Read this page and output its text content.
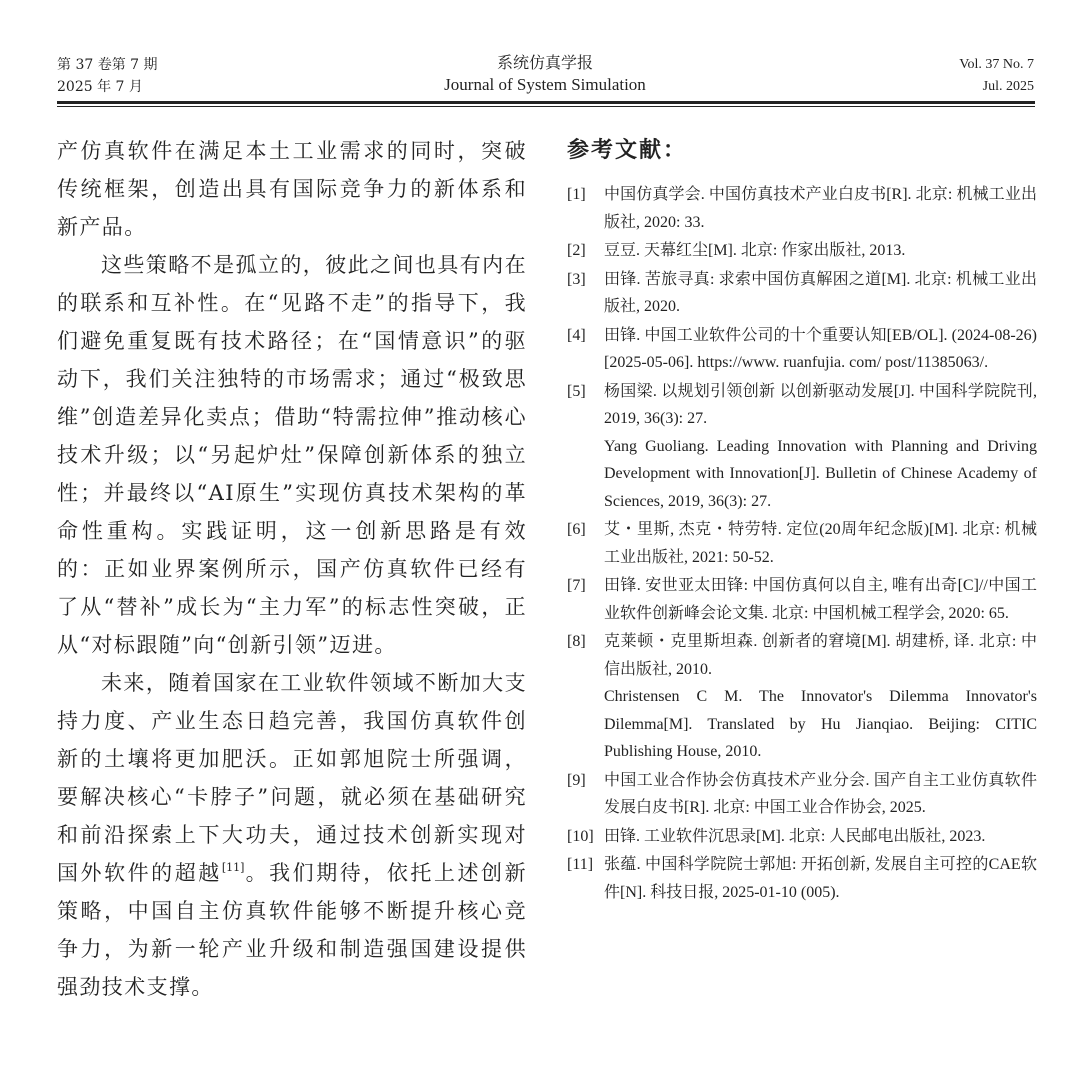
第 37 卷第 7 期
2025 年 7 月
系统仿真学报
Journal of System Simulation
Vol. 37 No. 7
Jul. 2025

产仿真软件在满足本土工业需求的同时，突破传统框架，创造出具有国际竞争力的新体系和新产品。

这些策略不是孤立的，彼此之间也具有内在的联系和互补性。在“见路不走”的指导下，我们避免重复既有技术路径；在“国情意识”的驱动下，我们关注独特的市场需求；通过“极致思维”创造差异化卖点；借助“特需拉伸”推动核心技术升级；以“另起炉灶”保障创新体系的独立性；并最终以“AI原生”实现仿真技术架构的革命性重构。实践证明，这一创新思路是有效的：正如业界案例所示，国产仿真软件已经有了从“替补”成长为“主力军”的标志性突破，正从“对标跟随”向“创新引领”迈进。

未来，随着国家在工业软件领域不断加大支持力度、产业生态日趋完善，我国仿真软件创新的土壤将更加肥沃。正如郭旭院士所强调，要解决核心“卡脖子”问题，就必须在基础研究和前沿探索上下大功夫，通过技术创新实现对国外软件的超越[11]。我们期待，依托上述创新策略，中国自主仿真软件能够不断提升核心竞争力，为新一轮产业升级和制造强国建设提供强劲技术支撑。

参考文献：
[1] 中国仿真学会. 中国仿真技术产业白皮书[R]. 北京: 机械工业出版社, 2020: 33.
[2] 豆豆. 天幕红尘[M]. 北京: 作家出版社, 2013.
[3] 田锋. 苦旅寻真: 求索中国仿真解困之道[M]. 北京: 机械工业出版社, 2020.
[4] 田锋. 中国工业软件公司的十个重要认知[EB/OL]. (2024-08-26) [2025-05-06]. https://www. ruanfujia. com/ post/11385063/.
[5] 杨国梁. 以规划引领创新 以创新驱动发展[J]. 中国科学院院刊, 2019, 36(3): 27.
Yang Guoliang. Leading Innovation with Planning and Driving Development with Innovation[J]. Bulletin of Chinese Academy of Sciences, 2019, 36(3): 27.
[6] 艾・里斯, 杰克・特劳特. 定位(20周年纪念版)[M]. 北京: 机械工业出版社, 2021: 50-52.
[7] 田锋. 安世亚太田锋: 中国仿真何以自主, 唯有出奇[C]//中国工业软件创新峰会论文集. 北京: 中国机械工程学会, 2020: 65.
[8] 克莱顿・克里斯坦森. 创新者的窘境[M]. 胡建桥, 译. 北京: 中信出版社, 2010.
Christensen C M. The Innovator's Dilemma Innovator's Dilemma[M]. Translated by Hu Jianqiao. Beijing: CITIC Publishing House, 2010.
[9] 中国工业合作协会仿真技术产业分会. 国产自主工业仿真软件发展白皮书[R]. 北京: 中国工业合作协会, 2025.
[10] 田锋. 工业软件沉思录[M]. 北京: 人民邮电出版社, 2023.
[11] 张蕴. 中国科学院院士郭旭: 开拓创新, 发展自主可控的CAE软件[N]. 科技日报, 2025-01-10 (005).
